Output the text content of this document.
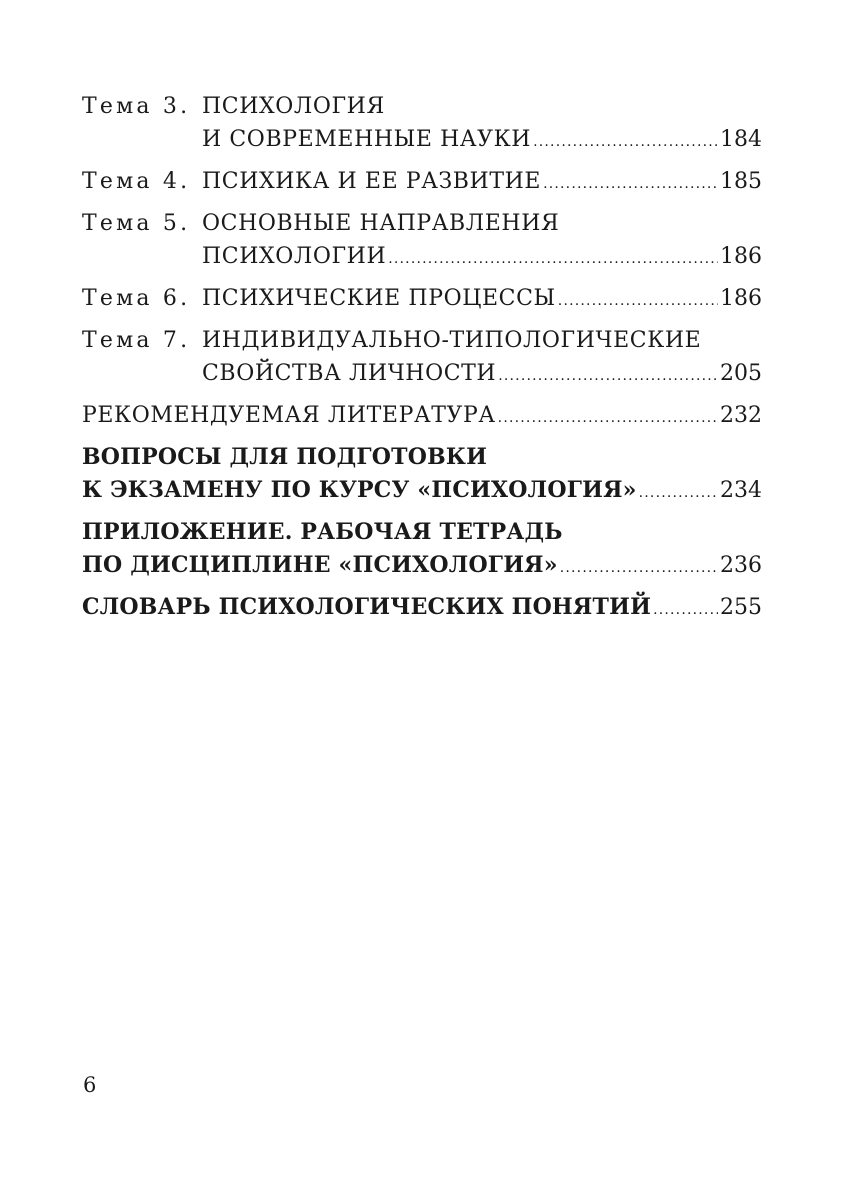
Тема 3. ПСИХОЛОГИЯ
И СОВРЕМЕННЫЕ НАУКИ .....	184
Тема 4. ПСИХИКА И ЕЕ РАЗВИТИЕ .....	185
Тема 5. ОСНОВНЫЕ НАПРАВЛЕНИЯ
ПСИХОЛОГИИ .....	186
Тема 6. ПСИХИЧЕСКИЕ ПРОЦЕССЫ .....	186
Тема 7. ИНДИВИДУАЛЬНО-ТИПОЛОГИЧЕСКИЕ
СВОЙСТВА ЛИЧНОСТИ .....	205
РЕКОМЕНДУЕМАЯ ЛИТЕРАТУРА .....	232
ВОПРОСЫ ДЛЯ ПОДГОТОВКИ
К ЭКЗАМЕНУ ПО КУРСУ «ПСИХОЛОГИЯ» .....	234
ПРИЛОЖЕНИЕ. РАБОЧАЯ ТЕТРАДЬ
ПО ДИСЦИПЛИНЕ «ПСИХОЛОГИЯ» .....	236
СЛОВАРЬ ПСИХОЛОГИЧЕСКИХ ПОНЯТИЙ .....	255
6
